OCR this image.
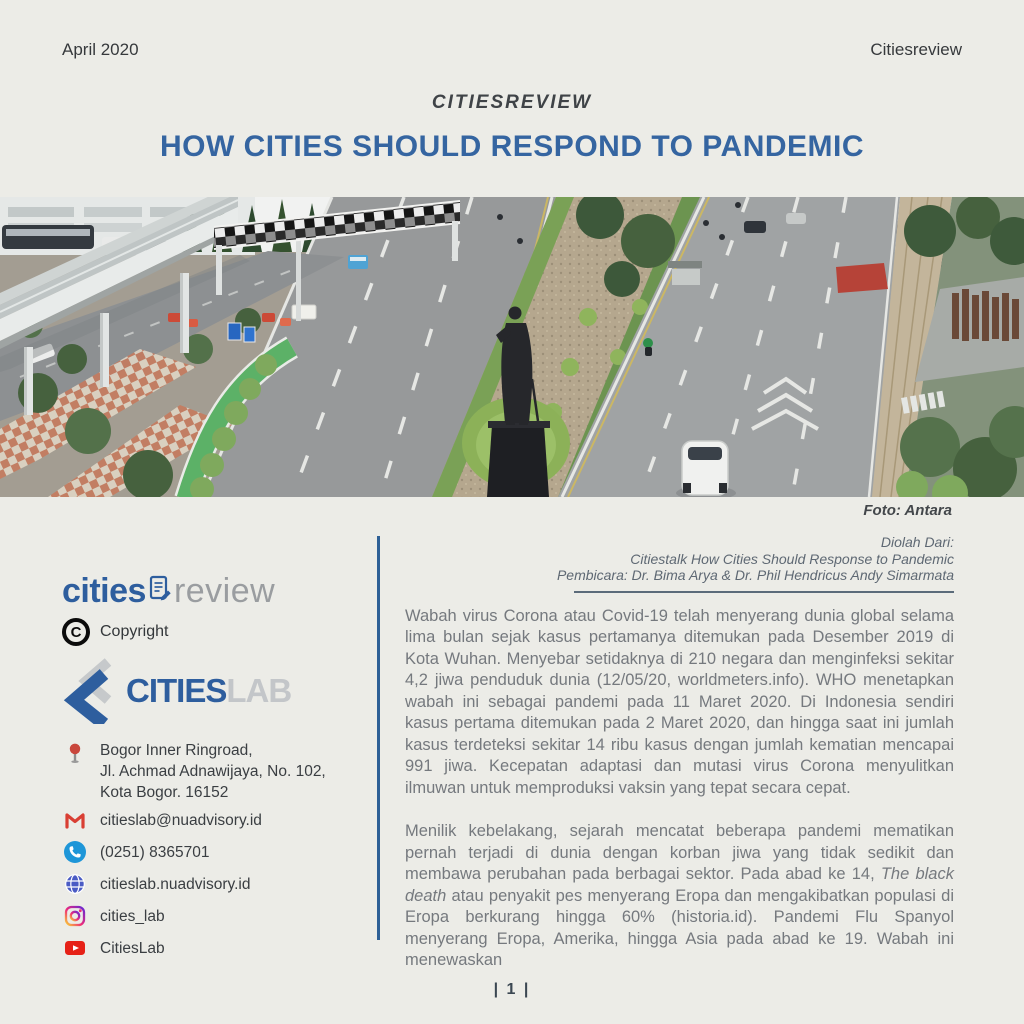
April 2020	Citiesreview
CITIESREVIEW
HOW CITIES SHOULD RESPOND TO PANDEMIC
Foto: Antara
cities review
C	Copyright
CITIESLAB
Bogor Inner Ringroad,
Jl. Achmad Adnawijaya, No. 102,
Kota Bogor. 16152
citieslab@nuadvisory.id
(0251) 8365701
citieslab.nuadvisory.id
cities_lab
CitiesLab
Diolah Dari:
Citiestalk How Cities Should Response to Pandemic
Pembicara: Dr. Bima Arya & Dr. Phil Hendricus Andy Simarmata

Wabah virus Corona atau Covid-19 telah menyerang dunia global selama lima bulan sejak kasus pertamanya ditemukan pada Desember 2019 di Kota Wuhan. Menyebar setidaknya di 210 negara dan menginfeksi sekitar 4,2 jiwa penduduk dunia (12/05/20, worldmeters.info). WHO menetapkan wabah ini sebagai pandemi pada 11 Maret 2020. Di Indonesia sendiri kasus pertama ditemukan pada 2 Maret 2020, dan hingga saat ini jumlah kasus terdeteksi sekitar 14 ribu kasus dengan jumlah kematian mencapai 991 jiwa. Kecepatan adaptasi dan mutasi virus Corona menyulitkan ilmuwan untuk memproduksi vaksin yang tepat secara cepat.

Menilik kebelakang, sejarah mencatat beberapa pandemi mematikan pernah terjadi di dunia dengan korban jiwa yang tidak sedikit dan membawa perubahan pada berbagai sektor. Pada abad ke 14, The black death atau penyakit pes menyerang Eropa dan mengakibatkan populasi di Eropa berkurang hingga 60% (historia.id). Pandemi Flu Spanyol menyerang Eropa, Amerika, hingga Asia pada abad ke 19. Wabah ini menewaskan

| 1 |
